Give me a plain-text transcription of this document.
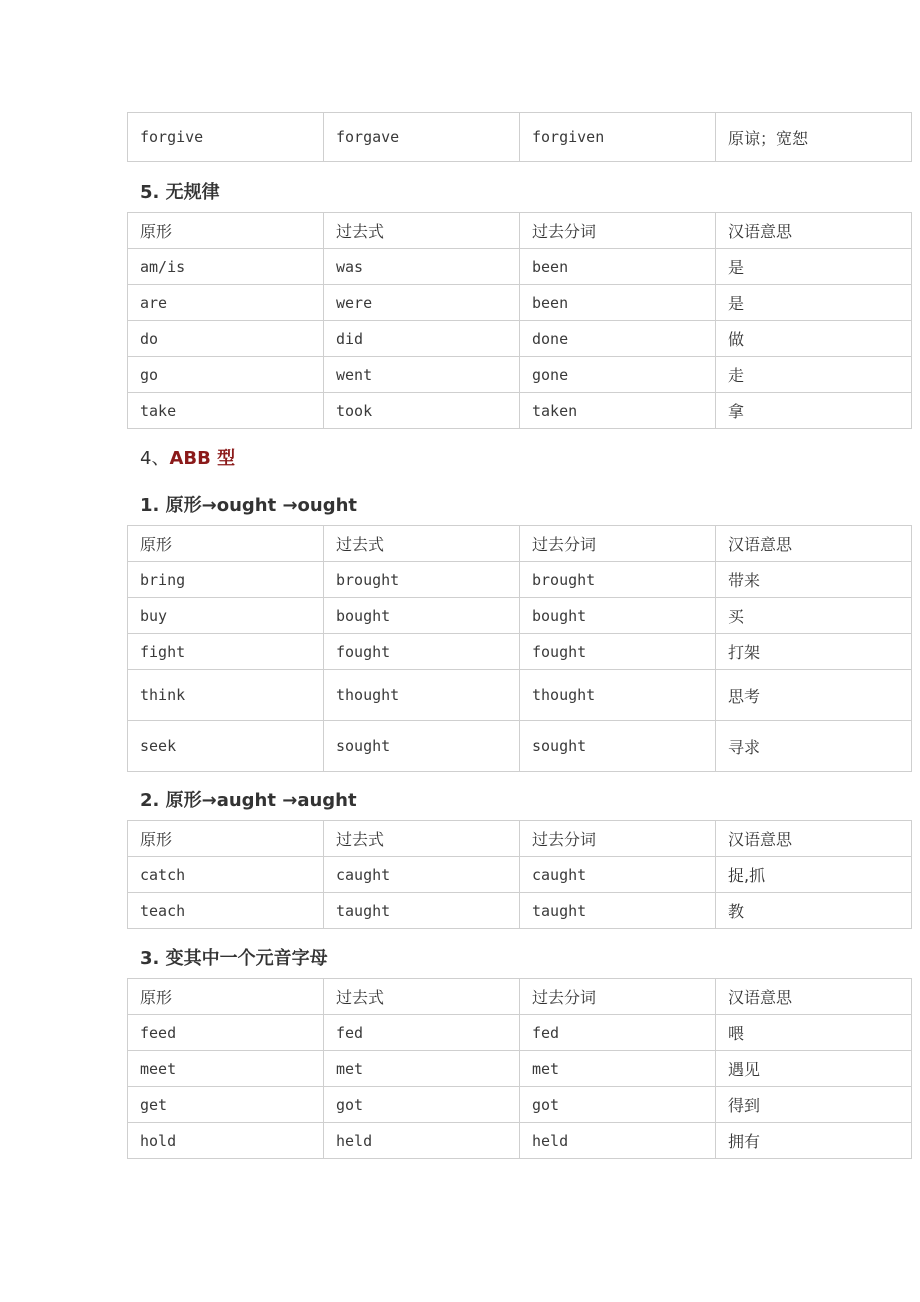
forgive	forgave	forgiven	原谅；宽恕
5. 无规律
原形	过去式	过去分词	汉语意思
am/is	was	been	是
are	were	been	是
do	did	done	做
go	went	gone	走
take	took	taken	拿
4、ABB 型
1. 原形→ought →ought
原形	过去式	过去分词	汉语意思
bring	brought	brought	带来
buy	bought	bought	买
fight	fought	fought	打架
think	thought	thought	思考
seek	sought	sought	寻求
2. 原形→aught →aught
原形	过去式	过去分词	汉语意思
catch	caught	caught	捉,抓
teach	taught	taught	教
3. 变其中一个元音字母
原形	过去式	过去分词	汉语意思
feed	fed	fed	喂
meet	met	met	遇见
get	got	got	得到
hold	held	held	拥有
